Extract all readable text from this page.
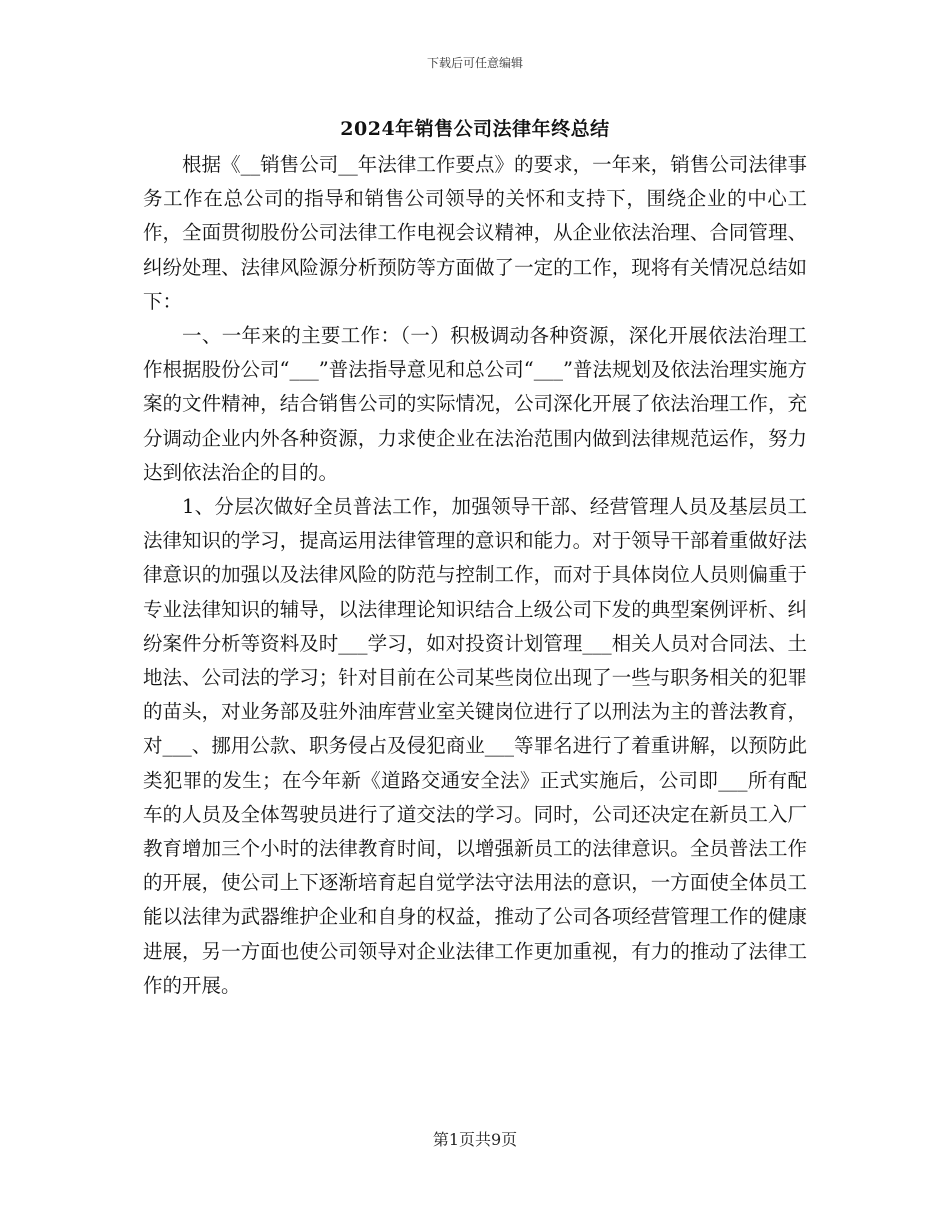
下载后可任意编辑
2024年销售公司法律年终总结

根据《__销售公司__年法律工作要点》的要求，一年来，销售公司法律事务工作在总公司的指导和销售公司领导的关怀和支持下，围绕企业的中心工作，全面贯彻股份公司法律工作电视会议精神，从企业依法治理、合同管理、纠纷处理、法律风险源分析预防等方面做了一定的工作，现将有关情况总结如下：

一、一年来的主要工作：（一）积极调动各种资源，深化开展依法治理工作根据股份公司“___”普法指导意见和总公司“___”普法规划及依法治理实施方案的文件精神，结合销售公司的实际情况，公司深化开展了依法治理工作，充分调动企业内外各种资源，力求使企业在法治范围内做到法律规范运作，努力达到依法治企的目的。

1、分层次做好全员普法工作，加强领导干部、经营管理人员及基层员工法律知识的学习，提高运用法律管理的意识和能力。对于领导干部着重做好法律意识的加强以及法律风险的防范与控制工作，而对于具体岗位人员则偏重于专业法律知识的辅导，以法律理论知识结合上级公司下发的典型案例评析、纠纷案件分析等资料及时___学习，如对投资计划管理___相关人员对合同法、土地法、公司法的学习；针对目前在公司某些岗位出现了一些与职务相关的犯罪的苗头，对业务部及驻外油库营业室关键岗位进行了以刑法为主的普法教育，对___、挪用公款、职务侵占及侵犯商业___等罪名进行了着重讲解，以预防此类犯罪的发生；在今年新《道路交通安全法》正式实施后，公司即___所有配车的人员及全体驾驶员进行了道交法的学习。同时，公司还决定在新员工入厂教育增加三个小时的法律教育时间，以增强新员工的法律意识。全员普法工作的开展，使公司上下逐渐培育起自觉学法守法用法的意识，一方面使全体员工能以法律为武器维护企业和自身的权益，推动了公司各项经营管理工作的健康进展，另一方面也使公司领导对企业法律工作更加重视，有力的推动了法律工作的开展。

第1页共9页
